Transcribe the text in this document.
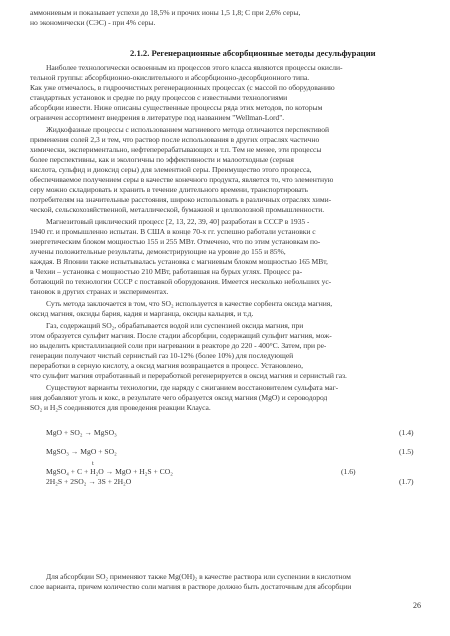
аммониевым и показывает успехи до 18,5% и прочих ионы 1,5 1,8; С при 2,6% серы,
но экономически (СЭС) - при 4% серы.
2.1.2. Регенерационные абсорбционные методы десульфурации
Наиболее технологически освоенным из процессов этого класса являются процессы окисли-
тельной группы: абсорбционно-окислительного и абсорбционно-десорбционного типа.
Как уже отмечалось, в гидроочистных регенерационных процессах (с массой по оборудованию
стандартных установок и средне по ряду процессов с известными технологиями
абсорбции извести. Ниже описаны существенные процессы ряда этих методов, по которым
ограничен ассортимент внедрения в литературе под названием "Wellman-Lord".
Жидкофазные процессы с использованием магниевого метода отличаются перспективой
применения солей 2,3 и тем, что раствор после использования в других отраслях частично
химически, экспериментально, нефтеперерабатывающих и т.п. Тем не менее, эти процессы
более перспективны, как и экологичны по эффективности и малоотходные (серная
кислота, сульфид и диоксид серы) для элементной серы. Преимущество этого процесса,
обеспечиваемое получением серы в качестве конечного продукта, является то, что элементную
серу можно складировать и хранить в течение длительного времени, транспортировать
потребителям на значительные расстояния, широко использовать в различных отраслях хими-
ческой, сельскохозяйственной, металлической, бумажной и целлюлозной промышленности.
Магнезитовый циклический процесс [2, 13, 22, 39, 40] разработан в СССР в 1935 -
1940 гг. и промышленно испытан. В США в конце 70-х гг. успешно работали установки с
энергетическим блоком мощностью 155 и 255 МВт. Отмечено, что по этим установкам по-
лучены положительные результаты, демонстрирующие на уровне до 155 и 85%,
каждая. В Японии также испытывалась установка с магниевым блоком мощностью 165 МВт,
в Чехии – установка с мощностью 210 МВт, работавшая на бурых углях. Процесс ра-
ботающий по технологии СССР с поставкой оборудования. Имеется несколько небольших ус-
тановок в других странах и экспериментах.
Суть метода заключается в том, что SO₂ используется в качестве сорбента оксида магния,
оксид магния, оксиды бария, кадия и марганца, оксиды кальция, и т.д.
Газ, содержащий SO₂, обрабатывается водой или суспензией оксида магния, при
этом образуется сульфит магния. После стадии абсорбции, содержащий сульфит магния, мож-
но выделить кристаллизацией соли при нагревании в реакторе до 220 - 400°С. Затем, при ре-
генерации получают чистый сернистый газ 10-12% (более 10%) для последующей
переработки в серную кислоту, а оксид магния возвращается в процесс. Установлено,
что сульфит магния отработанный и переработкой регенерируется в оксид магния и сернистый газ.
Существуют варианты технологии, где наряду с сжиганием восстановителем сульфата маг-
ния добавляют уголь и кокс, в результате чего образуется оксид магния (MgO) и сероводород
SO₂ и H₂S соединяются для проведения реакции Клауса.
MgO + SO₂ → MgSO₃	(1.4)
MgSO₃ → MgO + SO₂	(1.5)
t
MgSO₄ + C + H₂O → MgO + H₂S + CO₂	(1.6)
2H₂S + 2SO₂ → 3S + 2H₂O	(1.7)
Для абсорбции SO₂ применяют также Mg(OH)₂ в качестве раствора или суспензии в кислотном
слое варианта, причем количество соли магния в растворе должно быть достаточным для абсорбции
26
